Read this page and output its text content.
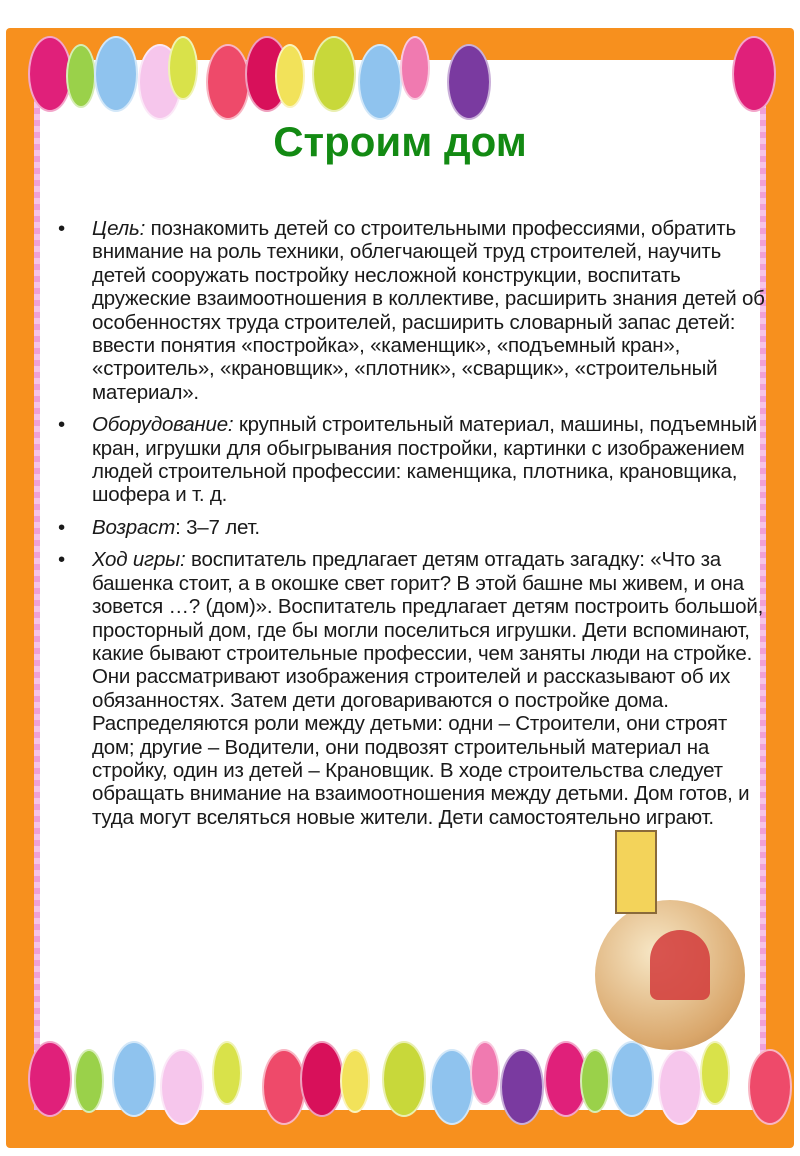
Строим дом
• Цель: познакомить детей со строительными профессиями, обратить внимание на роль техники, облегчающей труд строителей, научить детей сооружать постройку несложной конструкции, воспитать дружеские взаимоотношения в коллективе, расширить знания детей об особенностях труда строителей, расширить словарный запас детей: ввести понятия «постройка», «каменщик», «подъемный кран», «строитель», «крановщик», «плотник», «сварщик», «строительный материал».
• Оборудование: крупный строительный материал, машины, подъемный кран, игрушки для обыгрывания постройки, картинки с изображением людей строительной профессии: каменщика, плотника, крановщика, шофера и т. д.
• Возраст: 3–7 лет.
• Ход игры: воспитатель предлагает детям отгадать загадку: «Что за башенка стоит, а в окошке свет горит? В этой башне мы живем, и она зовется …? (дом)». Воспитатель предлагает детям построить большой, просторный дом, где бы могли поселиться игрушки. Дети вспоминают, какие бывают строительные профессии, чем заняты люди на стройке. Они рассматривают изображения строителей и рассказывают об их обязанностях. Затем дети договариваются о постройке дома. Распределяются роли между детьми: одни – Строители, они строят дом; другие – Водители, они подвозят строительный материал на стройку, один из детей – Крановщик. В ходе строительства следует обращать внимание на взаимоотношения между детьми. Дом готов, и туда могут вселяться новые жители. Дети самостоятельно играют.
